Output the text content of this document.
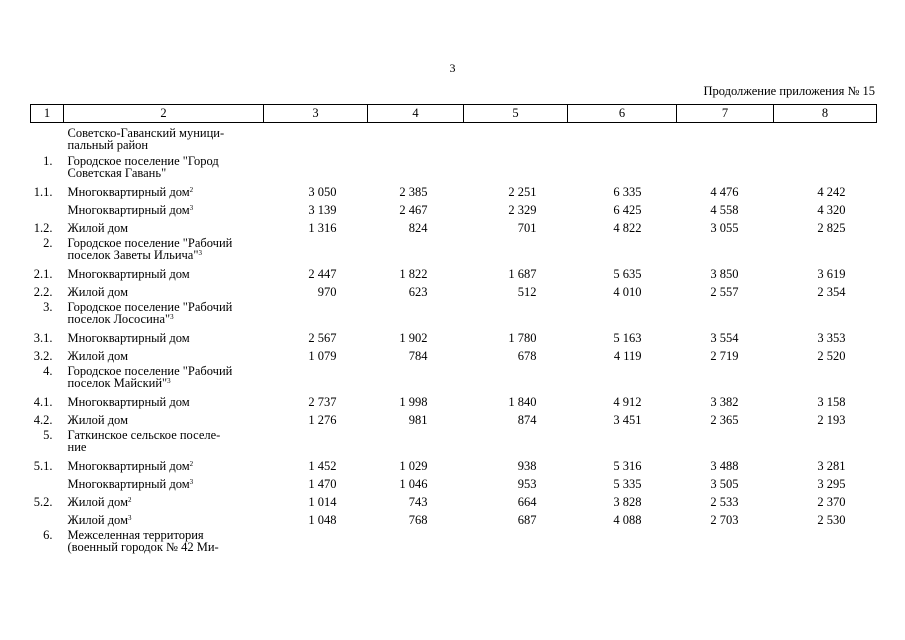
3
Продолжение приложения № 15
1	2	3	4	5	6	7	8

	Советско-Гаванский муници-
пальный район						

1.	Городское поселение "Город
Советская Гавань"						

1.1.	Многоквартирный дом$^2$	3 050	2 385	2 251	6 335	4 476	4 242

	Многоквартирный дом$^3$	3 139	2 467	2 329	6 425	4 558	4 320
1.2.	Жилой дом	1 316	824	701	4 822	3 055	2 825
2.	Городское поселение "Рабочий
поселок Заветы Ильича"$^3$

2.1.	Многоквартирный дом	2 447	1 822	1 687	5 635	3 850	3 619
2.2.	Жилой дом	970	623	512	4 010	2 557	2 354
3.	Городское поселение "Рабочий
поселок Лососина"$^3$

3.1.	Многоквартирный дом	2 567	1 902	1 780	5 163	3 554	3 353
3.2.	Жилой дом	1 079	784	678	4 119	2 719	2 520
4.	Городское поселение "Рабочий
поселок Майский"$^3$

4.1.	Многоквартирный дом	2 737	1 998	1 840	4 912	3 382	3 158
4.2.	Жилой дом	1 276	981	874	3 451	2 365	2 193
5.	Гаткинское сельское поселе-
ние						

5.1.	Многоквартирный дом$^2$	1 452	1 029	938	5 316	3 488	3 281

	Многоквартирный дом$^3$	1 470	1 046	953	5 335	3 505	3 295
5.2.	Жилой дом$^2$	1 014	743	664	3 828	2 533	2 370

	Жилой дом$^3$	1 048	768	687	4 088	2 703	2 530
6.	Межселенная территория
(военный городок № 42 Ми-						
